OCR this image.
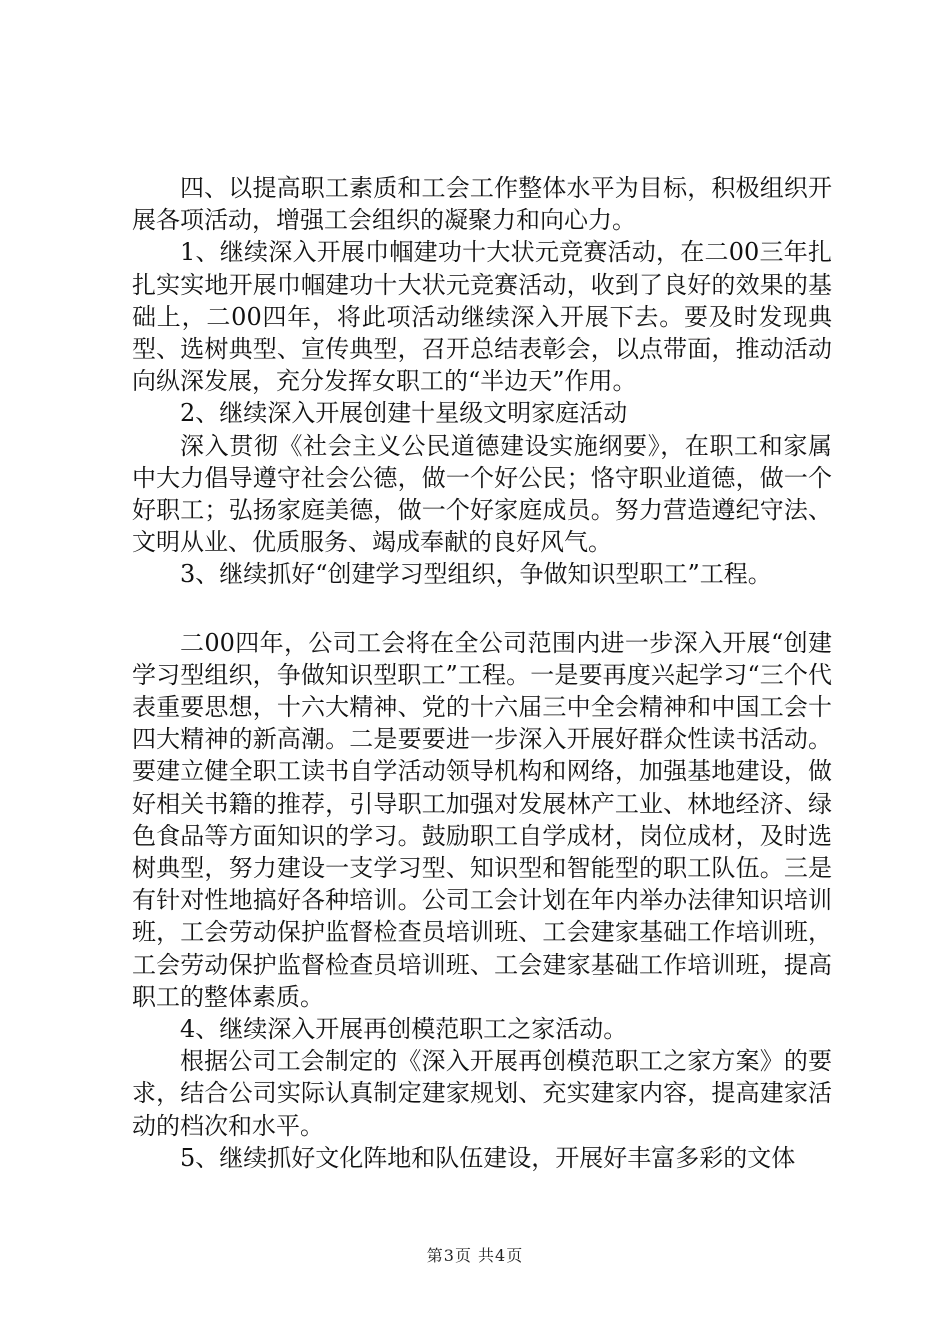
四、以提高职工素质和工会工作整体水平为目标，积极组织开展各项活动，增强工会组织的凝聚力和向心力。

1、继续深入开展巾帼建功十大状元竞赛活动，在二00三年扎扎实实地开展巾帼建功十大状元竞赛活动，收到了良好的效果的基础上，二00四年，将此项活动继续深入开展下去。要及时发现典型、选树典型、宣传典型，召开总结表彰会，以点带面，推动活动向纵深发展，充分发挥女职工的“半边天”作用。

2、继续深入开展创建十星级文明家庭活动

深入贯彻《社会主义公民道德建设实施纲要》，在职工和家属中大力倡导遵守社会公德，做一个好公民；恪守职业道德，做一个好职工；弘扬家庭美德，做一个好家庭成员。努力营造遵纪守法、文明从业、优质服务、竭成奉献的良好风气。

3、继续抓好“创建学习型组织，争做知识型职工”工程。

二00四年，公司工会将在全公司范围内进一步深入开展“创建学习型组织，争做知识型职工”工程。一是要再度兴起学习“三个代表重要思想，十六大精神、党的十六届三中全会精神和中国工会十四大精神的新高潮。二是要要进一步深入开展好群众性读书活动。要建立健全职工读书自学活动领导机构和网络，加强基地建设，做好相关书籍的推荐，引导职工加强对发展林产工业、林地经济、绿色食品等方面知识的学习。鼓励职工自学成材，岗位成材，及时选树典型，努力建设一支学习型、知识型和智能型的职工队伍。三是有针对性地搞好各种培训。公司工会计划在年内举办法律知识培训班，工会劳动保护监督检查员培训班、工会建家基础工作培训班，工会劳动保护监督检查员培训班、工会建家基础工作培训班，提高职工的整体素质。

4、继续深入开展再创模范职工之家活动。

根据公司工会制定的《深入开展再创模范职工之家方案》的要求，结合公司实际认真制定建家规划、充实建家内容，提高建家活动的档次和水平。

5、继续抓好文化阵地和队伍建设，开展好丰富多彩的文体

第3页 共4页
